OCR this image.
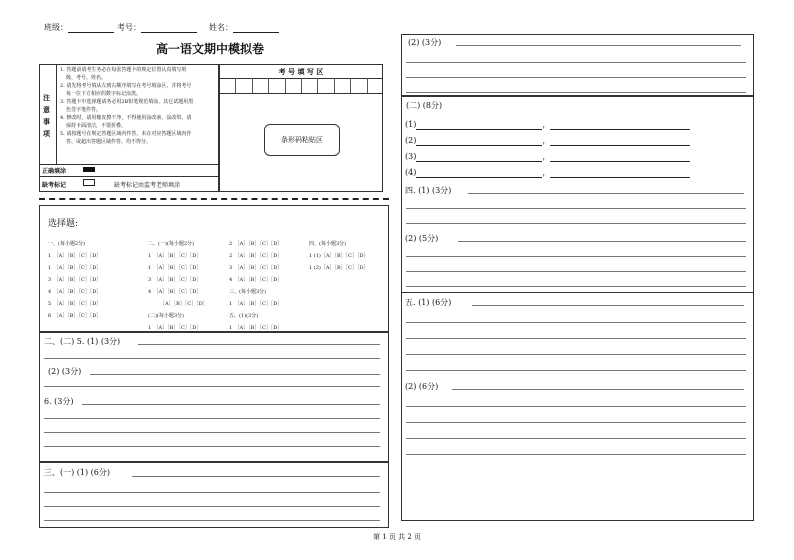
班级：	考号：	姓名：
高一语文期中模拟卷
注
意
事
项
1. 答题前请考生务必在每张答题卡的规定位置认真填写班
级、考号、姓名。
2. 请先将考号填从左到右顺序填写在考号填涂区，并将考号
每一位下方相应的数字标记涂黑。
3. 答题卡中选择题请务必用2B铅笔规范填涂，其它试题用黑
色签字笔作答。
4. 修改时，请用橡皮擦干净，不得使用涂改液、涂改带。请
保持卡面清洁，不要折叠。
5. 请按题号在规定答题区域内作答，未在对应答题区域内作
答、或超出答题区域作答，均不得分。
正确填涂
缺考标记	缺考标记由监考老师填涂
考 号 填 写 区
条形码粘贴区
选择题:
一、(每小题2分)
1　［A］［B］［C］［D］
1　［A］［B］［C］［D］
3　［A］［B］［C］［D］
4　［A］［B］［C］［D］
5　［A］［B］［C］［D］
6　［A］［B］［C］［D］
二、(一)(每小题2分)
1　［A］［B］［C］［D］
1　［A］［B］［C］［D］
3　［A］［B］［C］［D］
4　［A］［B］［C］［D］
［A］［B］［C］［D］
(二)(每小题3分)
1　［A］［B］［C］［D］
2　［A］［B］［C］［D］
2　［A］［B］［C］［D］
3　［A］［B］［C］［D］
4　［A］［B］［C］［D］
三、(每小题3分)
1　［A］［B］［C］［D］
五、(1)(3分)
1　［A］［B］［C］［D］
四、(每小题3分)
1 (1)［A］［B］［C］［D］
1 (2)［A］［B］［C］［D］
二、(二) 5. (1) (3分)
(2) (3分)
6. (3分)
三、(一) (1) (6分)
(2) (3分)
(二) (8分)
(1)	，
(2)	，
(3)	，
(4)	，
四. (1) (3分)
(2) (5分)
五. (1) (6分)
(2) (6分)
第 1 页 共 2 页
